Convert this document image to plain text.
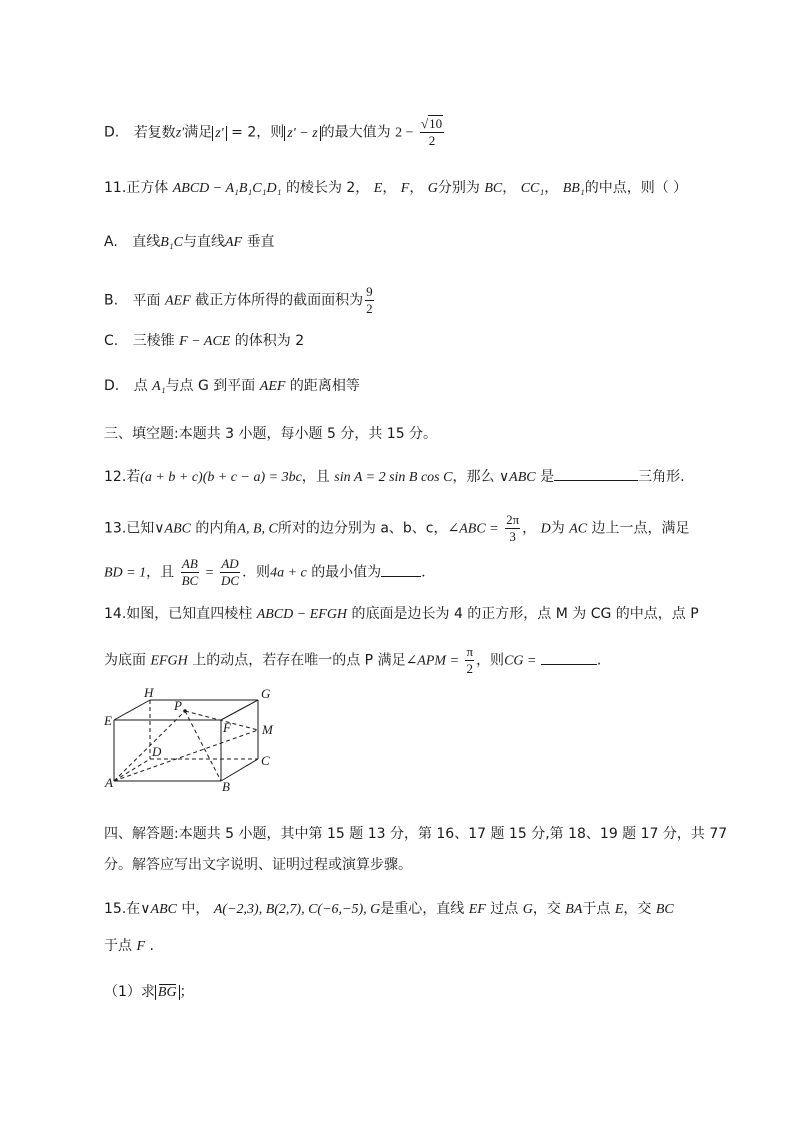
D. 若复数z′满足 z′ = 2，则 z′ − z 的最大值为 $2 - \frac{√10}{2}$
11.正方体 ABCD − A₁B₁C₁D₁ 的棱长为 2， E， F， G分别为 BC， CC₁， BB₁的中点，则（ ）
A. 直线B₁C与直线AF 垂直
B. 平面 AEF 截正方体所得的截面面积为 $\frac{9}{2}$
C. 三棱锥 F − ACE 的体积为 2
D. 点 A₁与点 G 到平面 AEF 的距离相等
三、填空题:本题共 3 小题，每小题 5 分，共 15 分。
12.若(a + b + c)(b + c − a) = 3bc，且 sin A = 2 sin B cos C，那么 ∨ABC 是	三角形.
13.已知∨ABC 的内角A, B, C所对的边分别为 a、b、c，∠ABC = $\frac{2\pi}{3}$ ， D为 AC 边上一点，满足
BD = 1，且 $\frac{AB}{BC} = \frac{AD}{DC}$ ．则4a + c 的最小值为	．
14.如图，已知直四棱柱 ABCD − EFGH 的底面是边长为 4 的正方形，点 M 为 CG 的中点，点 P
为底面 EFGH 上的动点，若存在唯一的点 P 满足∠APM = $\frac{\pi}{2}$ ，则CG =	.
H	G
P
E	F M
D
C
A	B
四、解答题:本题共 5 小题，其中第 15 题 13 分，第 16、17 题 15 分,第 18、19 题 17 分，共 77
分。解答应写出文字说明、证明过程或演算步骤。
15.在∨ABC 中， A(−2,3), B(2,7), C(−6,−5), G是重心，直线 EF 过点 G，交 BA于点 E，交 BC
于点 F .
（1）求 BG ；
